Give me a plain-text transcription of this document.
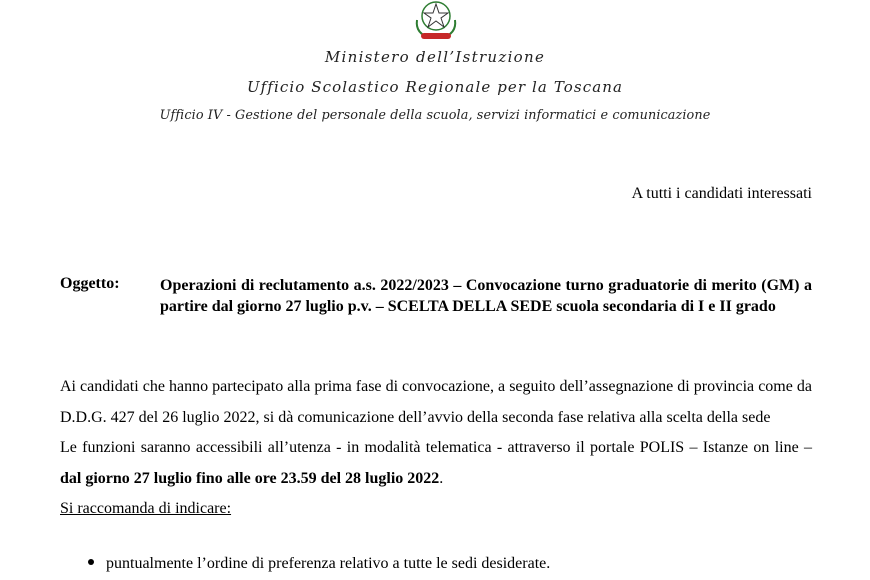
Ministero dell’Istruzione
Ufficio Scolastico Regionale per la Toscana
Ufficio IV - Gestione del personale della scuola, servizi informatici e comunicazione
A tutti i candidati interessati
Oggetto:	Operazioni di reclutamento a.s. 2022/2023 – Convocazione turno graduatorie di merito (GM) a partire dal giorno 27 luglio p.v. – SCELTA DELLA SEDE scuola secondaria di I e II grado

Ai candidati che hanno partecipato alla prima fase di convocazione, a seguito dell’assegnazione di provincia come da D.D.G. 427 del 26 luglio 2022, si dà comunicazione dell’avvio della seconda fase relativa alla scelta della sede

Le funzioni saranno accessibili all’utenza - in modalità telematica - attraverso il portale POLIS – Istanze on line – dal giorno 27 luglio fino alle ore 23.59 del 28 luglio 2022.

Si raccomanda di indicare:

puntualmente l’ordine di preferenza relativo a tutte le sedi desiderate.
